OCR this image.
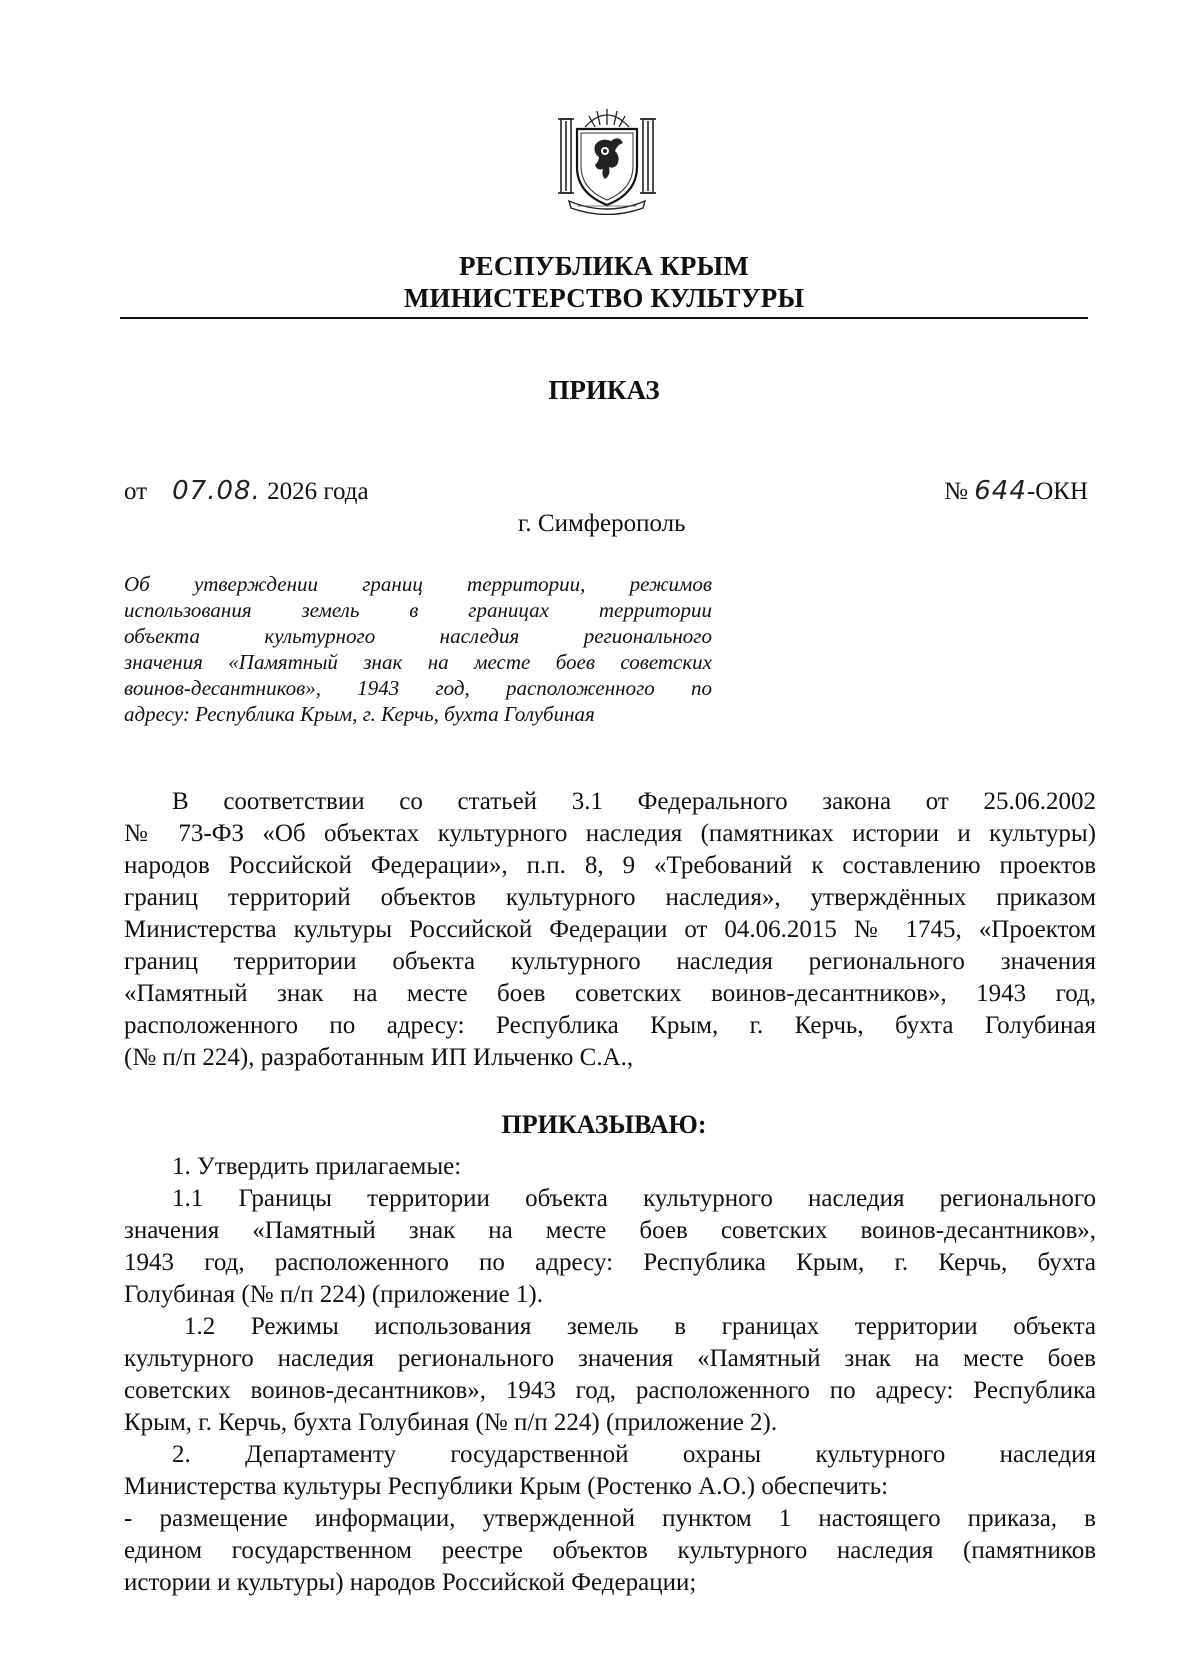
РЕСПУБЛИКА КРЫМ
МИНИСТЕРСТВО КУЛЬТУРЫ
ПРИКАЗ
от 07.08. 2026 года	№ 644-ОКН
г. Симферополь
Об утверждении границ территории, режимов
использования земель в границах территории
объекта культурного наследия регионального
значения «Памятный знак на месте боев советских
воинов-десантников», 1943 год, расположенного по
адресу: Республика Крым, г. Керчь, бухта Голубиная
В соответствии со статьей 3.1 Федерального закона от 25.06.2002
№ 73-ФЗ «Об объектах культурного наследия (памятниках истории и культуры)
народов Российской Федерации», п.п. 8, 9 «Требований к составлению проектов
границ территорий объектов культурного наследия», утверждённых приказом
Министерства культуры Российской Федерации от 04.06.2015 № 1745, «Проектом
границ территории объекта культурного наследия регионального значения
«Памятный знак на месте боев советских воинов-десантников», 1943 год,
расположенного по адресу: Республика Крым, г. Керчь, бухта Голубиная
(№ п/п 224), разработанным ИП Ильченко С.А.,
ПРИКАЗЫВАЮ:
1. Утвердить прилагаемые:
1.1 Границы территории объекта культурного наследия регионального
значения «Памятный знак на месте боев советских воинов-десантников»,
1943 год, расположенного по адресу: Республика Крым, г. Керчь, бухта
Голубиная (№ п/п 224) (приложение 1).
1.2 Режимы использования земель в границах территории объекта
культурного наследия регионального значения «Памятный знак на месте боев
советских воинов-десантников», 1943 год, расположенного по адресу: Республика
Крым, г. Керчь, бухта Голубиная (№ п/п 224) (приложение 2).
2. Департаменту государственной охраны культурного наследия
Министерства культуры Республики Крым (Ростенко А.О.) обеспечить:
- размещение информации, утвержденной пунктом 1 настоящего приказа, в
едином государственном реестре объектов культурного наследия (памятников
истории и культуры) народов Российской Федерации;
